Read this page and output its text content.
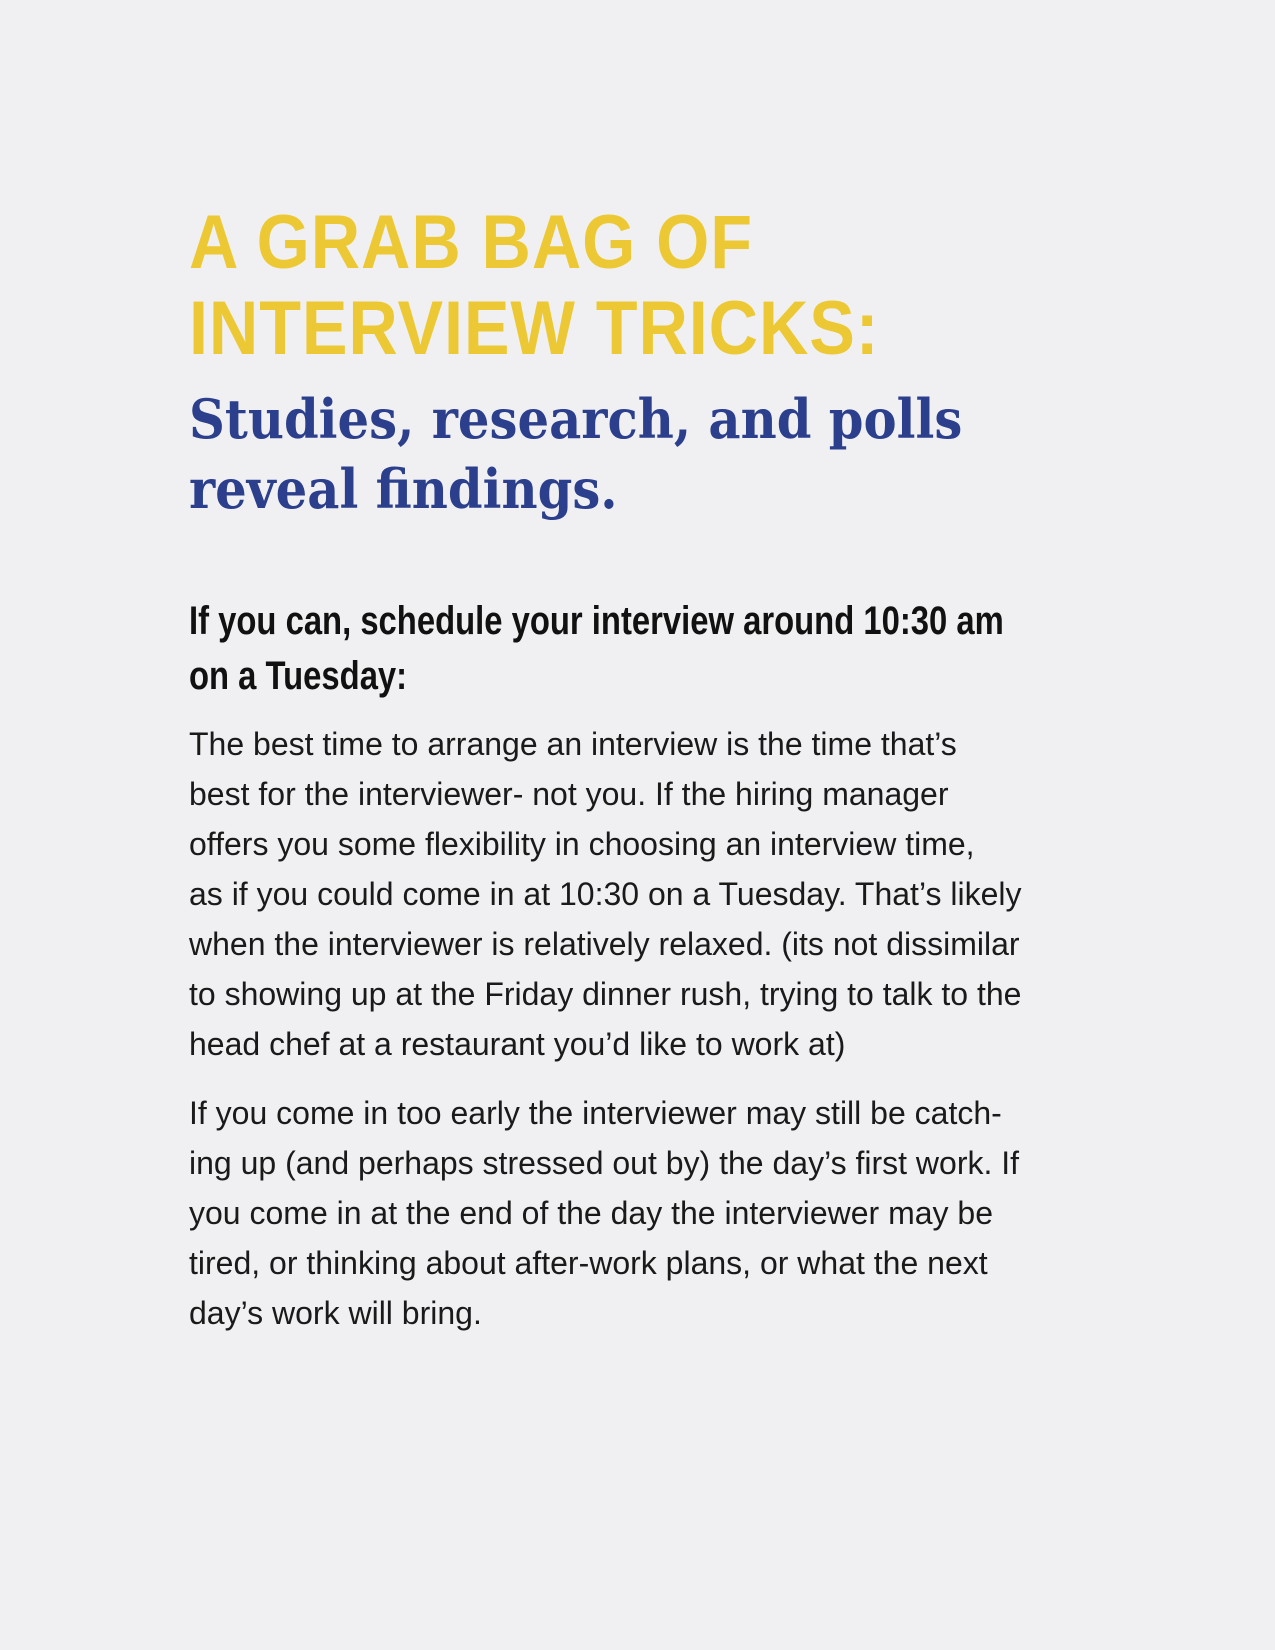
A GRAB BAG OF
INTERVIEW TRICKS:
Studies, research, and polls
reveal findings.
If you can, schedule your interview around 10:30 am
on a Tuesday:
The best time to arrange an interview is the time that’s
best for the interviewer- not you. If the hiring manager
offers you some flexibility in choosing an interview time,
as if you could come in at 10:30 on a Tuesday. That’s likely
when the interviewer is relatively relaxed. (its not dissimilar
to showing up at the Friday dinner rush, trying to talk to the
head chef at a restaurant you’d like to work at)
If you come in too early the interviewer may still be catch-
ing up (and perhaps stressed out by) the day’s first work. If
you come in at the end of the day the interviewer may be
tired, or thinking about after-work plans, or what the next
day’s work will bring.
